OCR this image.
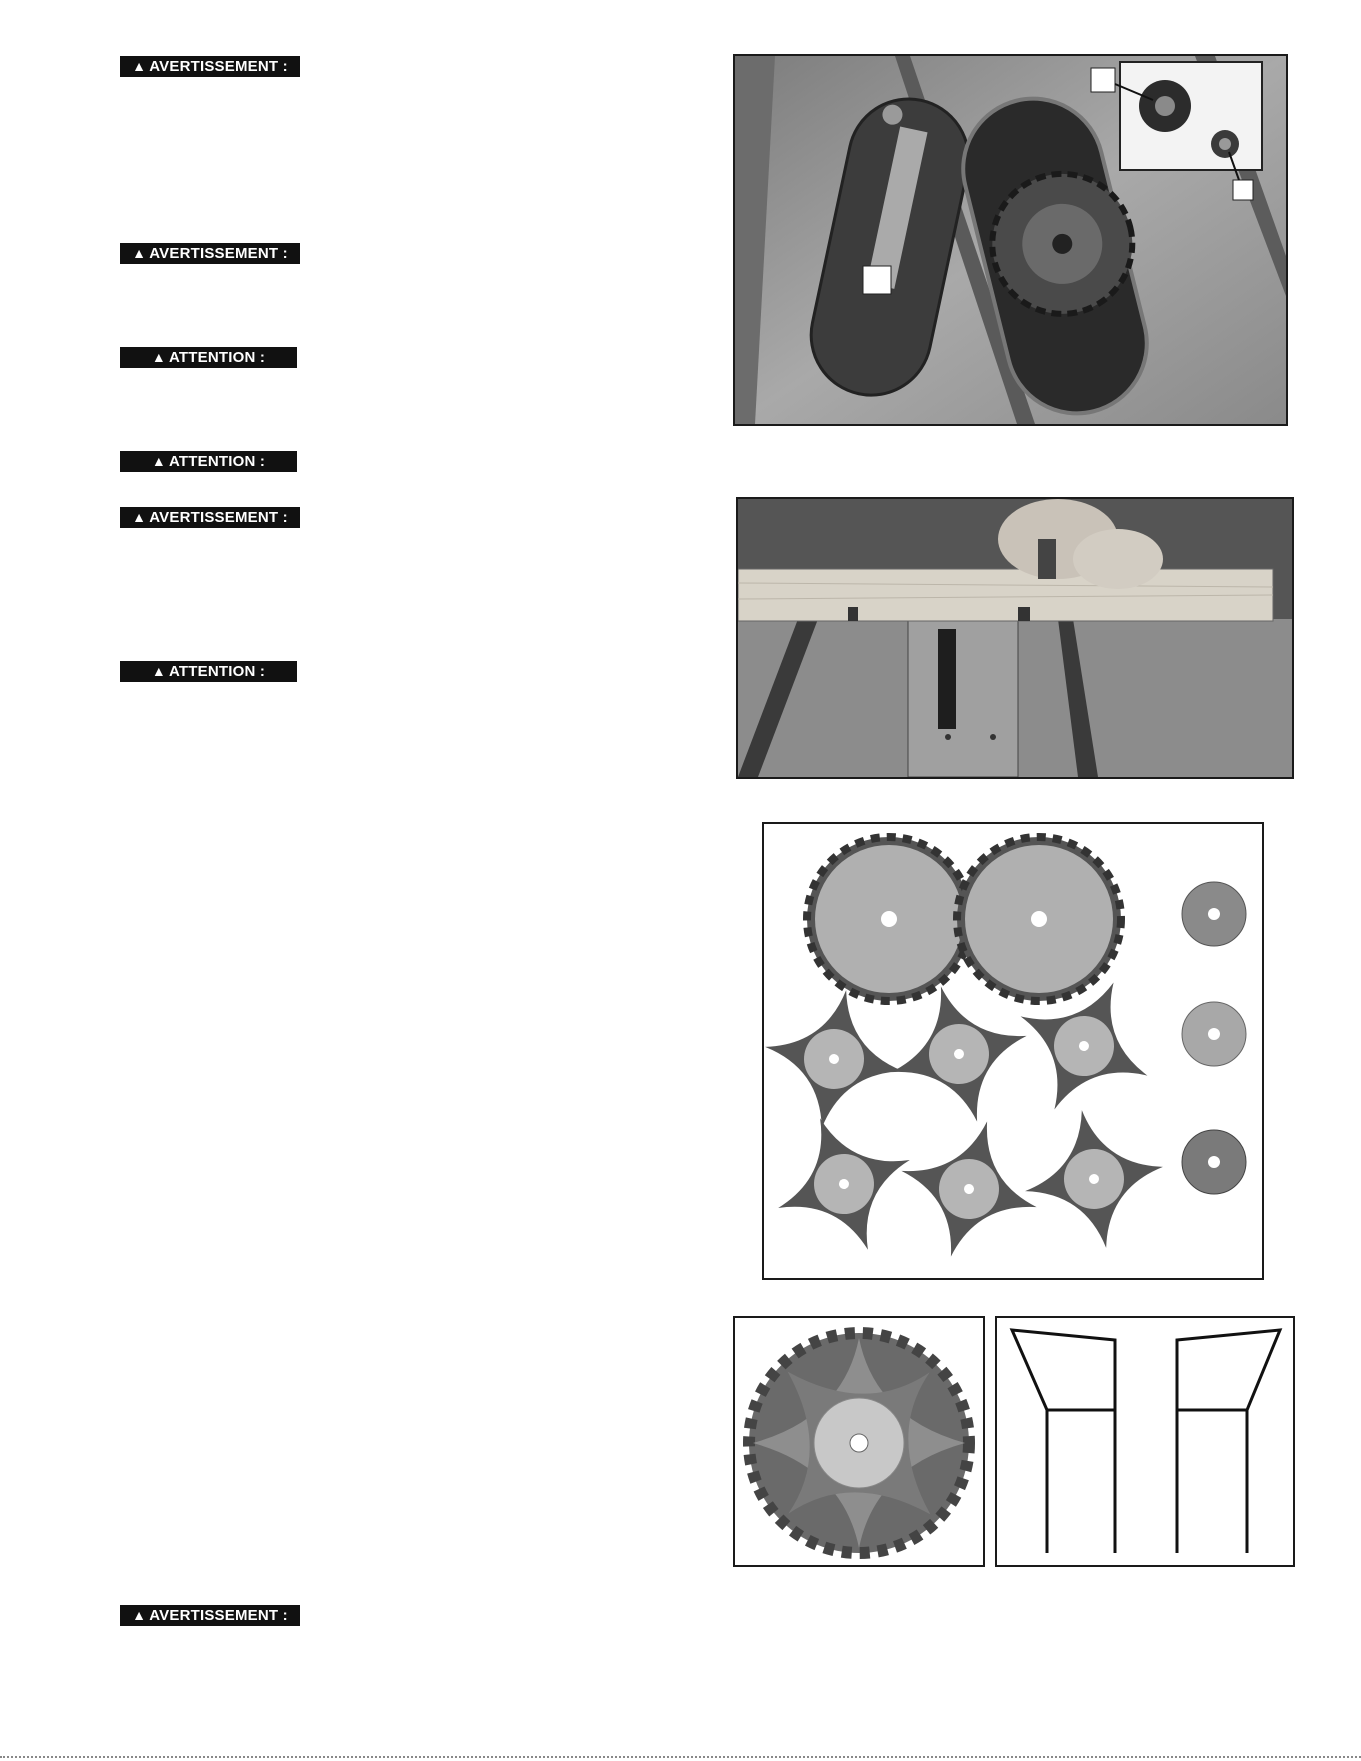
▲ AVERTISSEMENT :
▲ AVERTISSEMENT :
▲ ATTENTION :
▲ ATTENTION :
▲ AVERTISSEMENT :
▲ ATTENTION :
▲ AVERTISSEMENT :
